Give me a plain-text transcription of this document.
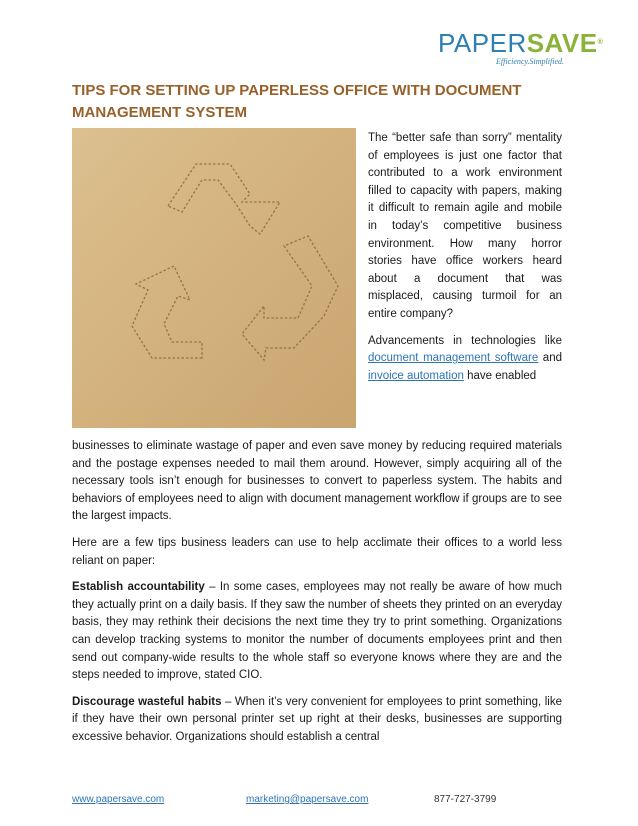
PAPERSAVE®
Efficiency.Simplified.
TIPS FOR SETTING UP PAPERLESS OFFICE WITH DOCUMENT MANAGEMENT SYSTEM

The “better safe than sorry” mentality of employees is just one factor that contributed to a work environment filled to capacity with papers, making it difficult to remain agile and mobile in today’s competitive business environment. How many horror stories have office workers heard about a document that was misplaced, causing turmoil for an entire company?

Advancements in technologies like document management software and invoice automation have enabled

businesses to eliminate wastage of paper and even save money by reducing required materials and the postage expenses needed to mail them around. However, simply acquiring all of the necessary tools isn’t enough for businesses to convert to paperless system. The habits and behaviors of employees need to align with document management workflow if groups are to see the largest impacts.

Here are a few tips business leaders can use to help acclimate their offices to a world less reliant on paper:

Establish accountability – In some cases, employees may not really be aware of how much they actually print on a daily basis. If they saw the number of sheets they printed on an everyday basis, they may rethink their decisions the next time they try to print something. Organizations can develop tracking systems to monitor the number of documents employees print and then send out company-wide results to the whole staff so everyone knows where they are and the steps needed to improve, stated CIO.

Discourage wasteful habits – When it’s very convenient for employees to print something, like if they have their own personal printer set up right at their desks, businesses are supporting excessive behavior. Organizations should establish a central

www.papersave.com	marketing@papersave.com	877-727-3799
